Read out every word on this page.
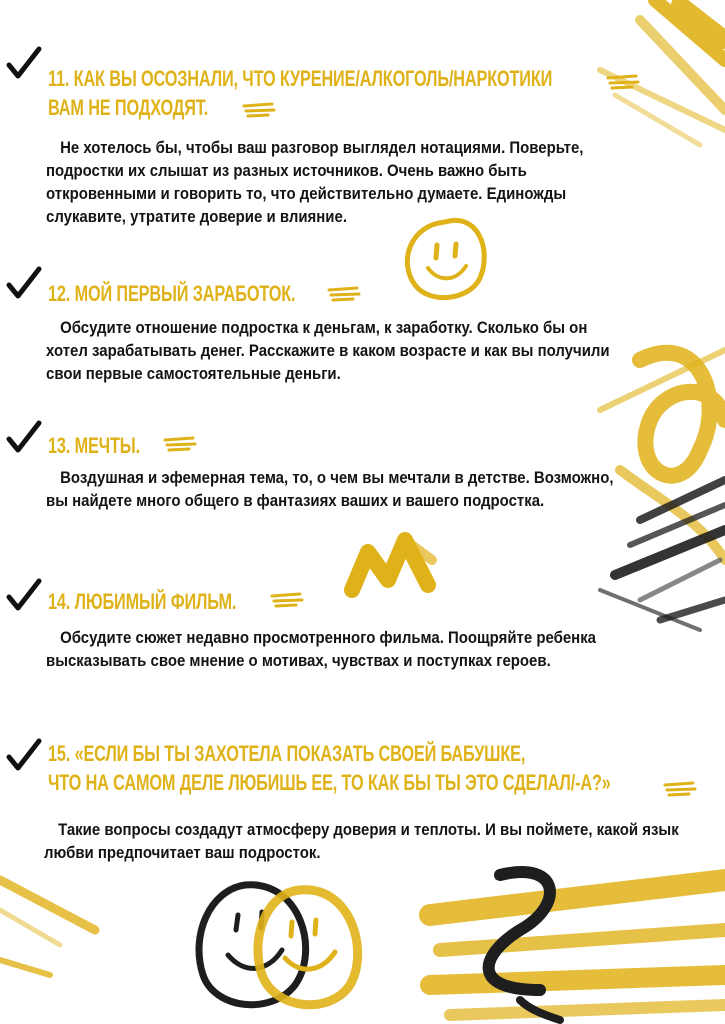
11. КАК ВЫ ОСОЗНАЛИ, ЧТО КУРЕНИЕ/АЛКОГОЛЬ/НАРКОТИКИ
ВАМ НЕ ПОДХОДЯТ.

Не хотелось бы, чтобы ваш разговор выглядел нотациями. Поверьте, подростки их слышат из разных источников. Очень важно быть откровенными и говорить то, что действительно думаете. Единожды слукавите, утратите доверие и влияние.

12. МОЙ ПЕРВЫЙ ЗАРАБОТОК.

Обсудите отношение подростка к деньгам, к заработку. Сколько бы он хотел зарабатывать денег. Расскажите в каком возрасте и как вы получили свои первые самостоятельные деньги.

13. МЕЧТЫ.

Воздушная и эфемерная тема, то, о чем вы мечтали в детстве. Возможно, вы найдете много общего в фантазиях ваших и вашего подростка.

14. ЛЮБИМЫЙ ФИЛЬМ.

Обсудите сюжет недавно просмотренного фильма. Поощряйте ребенка высказывать свое мнение о мотивах, чувствах и поступках героев.

15. «ЕСЛИ БЫ ТЫ ЗАХОТЕЛА ПОКАЗАТЬ СВОЕЙ БАБУШКЕ,
ЧТО НА САМОМ ДЕЛЕ ЛЮБИШЬ ЕЕ, ТО КАК БЫ ТЫ ЭТО СДЕЛАЛ/-А?»

Такие вопросы создадут атмосферу доверия и теплоты. И вы поймете, какой язык любви предпочитает ваш подросток.
